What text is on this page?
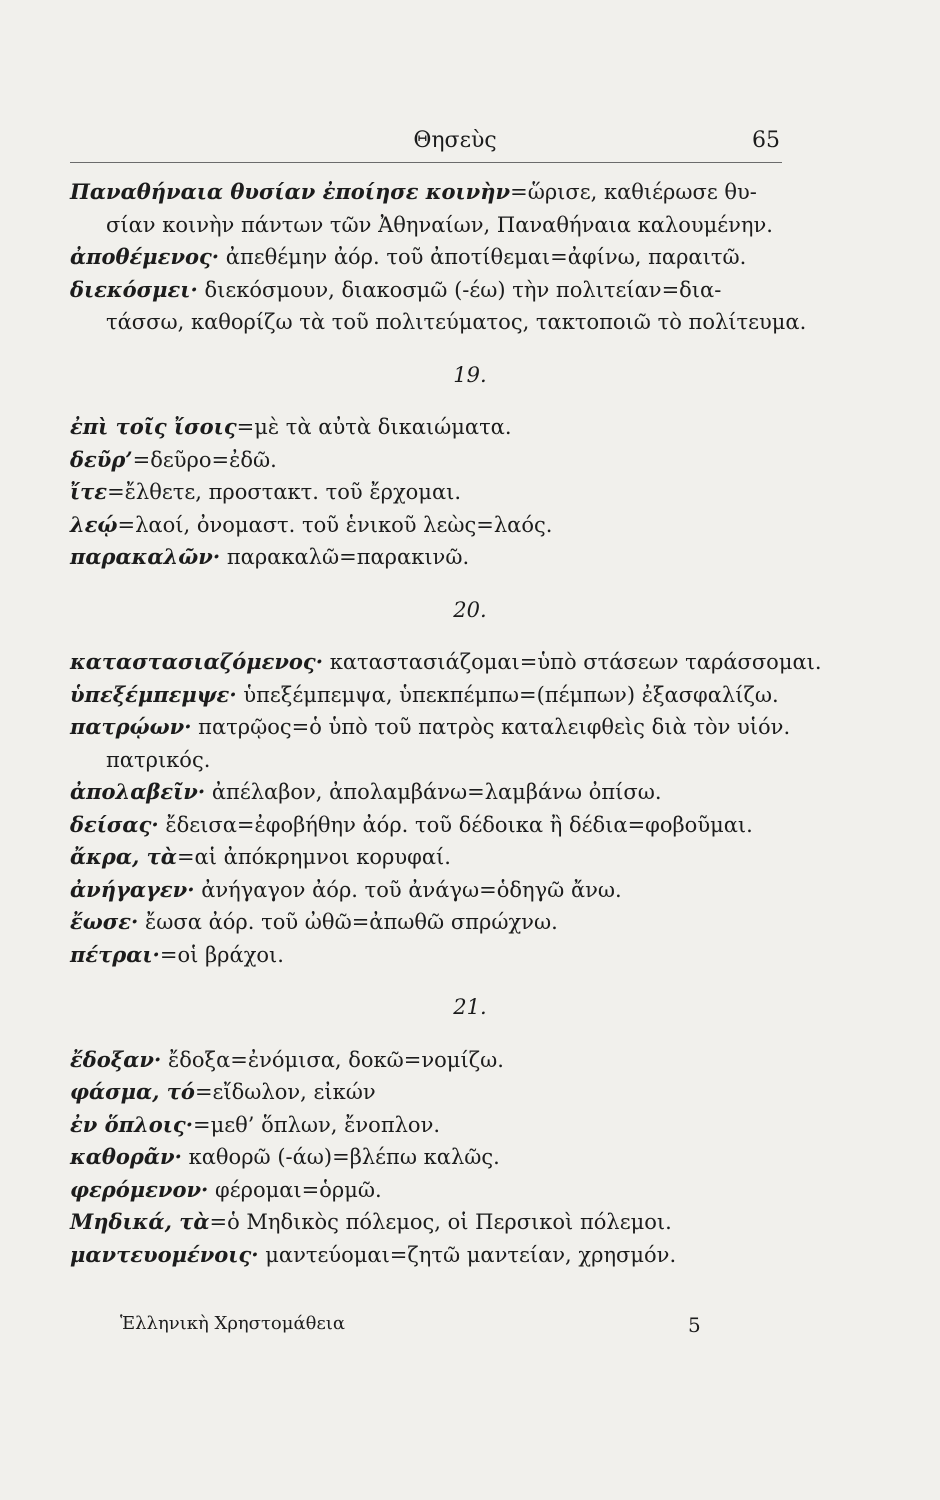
Θησεὺς	65
Παναθήναια θυσίαν ἐποίησε κοινὴν=ὥρισε, καθιέρωσε θυ-
σίαν κοινὴν πάντων τῶν Ἀθηναίων, Παναθήναια καλουμένην.
ἀποθέμενος· ἀπεθέμην ἀόρ. τοῦ ἀποτίθεμαι=ἀφίνω, παραιτῶ.
διεκόσμει· διεκόσμουν, διακοσμῶ (-έω) τὴν πολιτείαν=δια-
τάσσω, καθορίζω τὰ τοῦ πολιτεύματος, τακτοποιῶ τὸ πολίτευμα.
19.
ἐπὶ τοῖς ἴσοις=μὲ τὰ αὐτὰ δικαιώματα.
δεῦρ’=δεῦρο=ἐδῶ.
ἴτε=ἔλθετε, προστακτ. τοῦ ἔρχομαι.
λεῴ=λαοί, ὀνομαστ. τοῦ ἑνικοῦ λεὼς=λαός.
παρακαλῶν· παρακαλῶ=παρακινῶ.
20.
καταστασιαζόμενος· καταστασιάζομαι=ὑπὸ στάσεων ταράσσομαι.
ὑπεξέμπεμψε· ὑπεξέμπεμψα, ὑπεκπέμπω=(πέμπων) ἐξασφαλίζω.
πατρῴων· πατρῷος=ὁ ὑπὸ τοῦ πατρὸς καταλειφθεὶς διὰ τὸν υἱόν.
πατρικός.
ἀπολαβεῖν· ἀπέλαβον, ἀπολαμβάνω=λαμβάνω ὀπίσω.
δείσας· ἔδεισα=ἐφοβήθην ἀόρ. τοῦ δέδοικα ἢ δέδια=φοβοῦμαι.
ἄκρα, τὰ=αἱ ἀπόκρημνοι κορυφαί.
ἀνήγαγεν· ἀνήγαγον ἀόρ. τοῦ ἀνάγω=ὁδηγῶ ἄνω.
ἔωσε· ἔωσα ἀόρ. τοῦ ὠθῶ=ἀπωθῶ σπρώχνω.
πέτραι·=οἱ βράχοι.
21.
ἔδοξαν· ἔδοξα=ἐνόμισα, δοκῶ=νομίζω.
φάσμα, τό=εἴδωλον, εἰκών
ἐν ὅπλοις·=μεθ’ ὅπλων, ἔνοπλον.
καθορᾶν· καθορῶ (-άω)=βλέπω καλῶς.
φερόμενον· φέρομαι=ὁρμῶ.
Μηδικά, τὰ=ὁ Μηδικὸς πόλεμος, οἱ Περσικοὶ πόλεμοι.
μαντευομένοις· μαντεύομαι=ζητῶ μαντείαν, χρησμόν.
Ἑλληνικὴ Χρηστομάθεια	5
